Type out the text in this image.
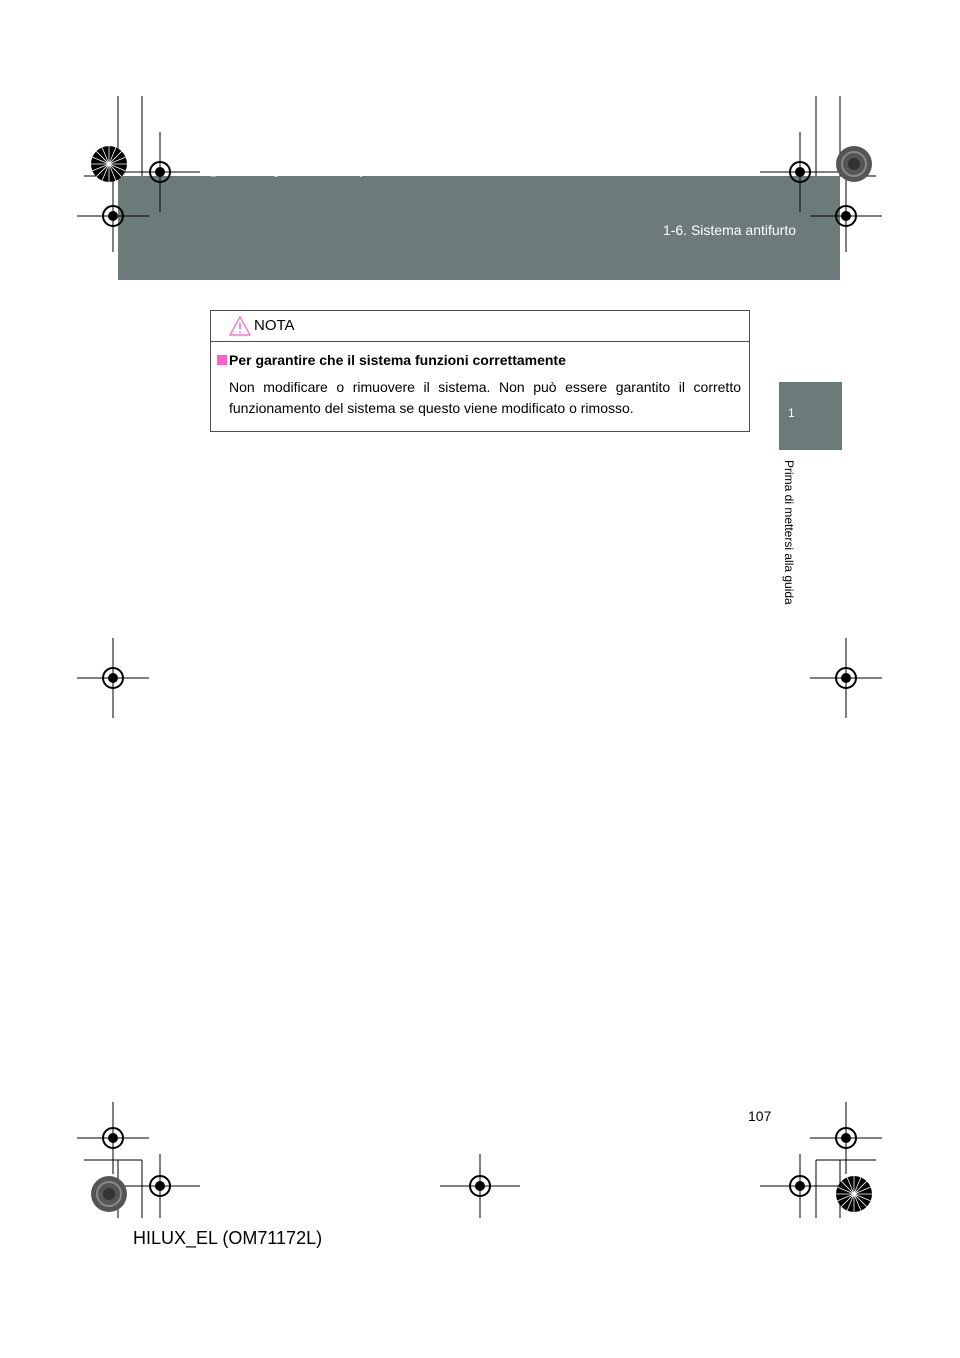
HILUX_EL.book Page 107 Wednesday, March 23, 2011 3:30 PM
1-6. Sistema antifurto
1
Prima di mettersi alla guida
NOTA
Per garantire che il sistema funzioni correttamente
Non modificare o rimuovere il sistema. Non può essere garantito il corretto funzionamento del sistema se questo viene modificato o rimosso.
107
HILUX_EL (OM71172L)
